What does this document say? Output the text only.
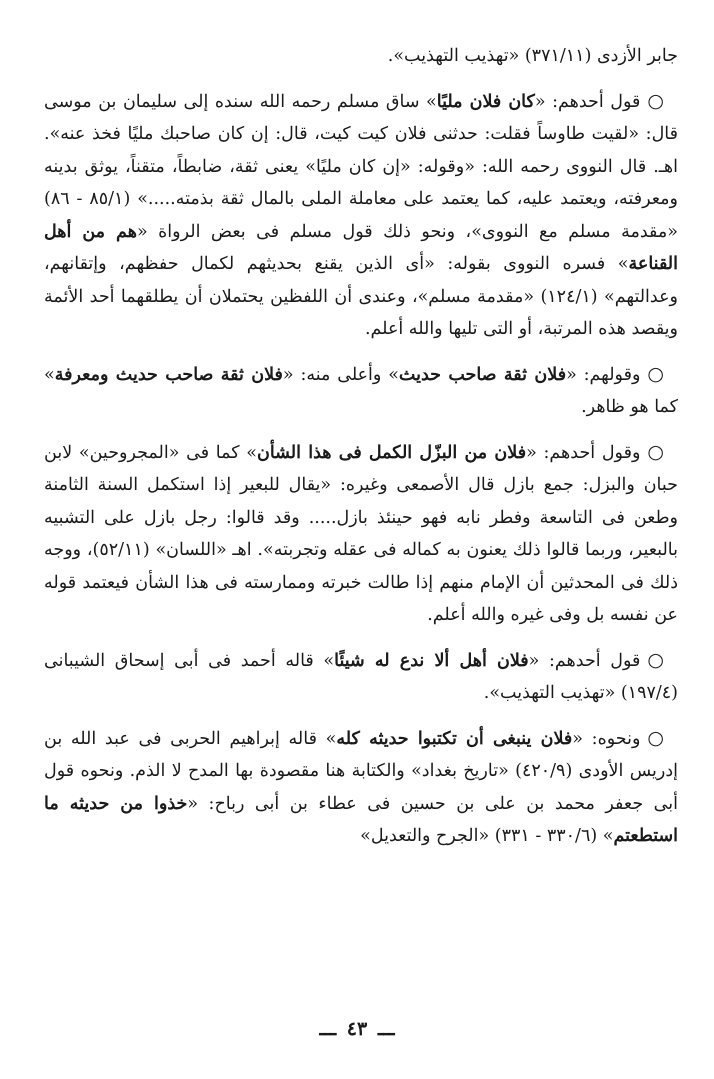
جابر الأزدى (٣٧١/١١) «تهذيب التهذيب».

○قول أحدهم: «كان فلان مليًا» ساق مسلم رحمه الله سنده إلى سليمان بن موسى قال: «لقيت طاوساً فقلت: حدثنى فلان كيت كيت، قال: إن كان صاحبك مليًا فخذ عنه». اهـ. قال النووى رحمه الله: «وقوله: «إن كان مليًا» يعنى ثقة، ضابطاً، متقناً، يوثق بدينه ومعرفته، ويعتمد عليه، كما يعتمد على معاملة الملى بالمال ثقة بذمته.....» (٨٥/١ - ٨٦) «مقدمة مسلم مع النووى»، ونحو ذلك قول مسلم فى بعض الرواة «هم من أهل القناعة» فسره النووى بقوله: «أى الذين يقنع بحديثهم لكمال حفظهم، وإتقانهم، وعدالتهم» (١٢٤/١) «مقدمة مسلم»، وعندى أن اللفظين يحتملان أن يطلقهما أحد الأئمة ويقصد هذه المرتبة، أو التى تليها والله أعلم.

○وقولهم: «فلان ثقة صاحب حديث» وأعلى منه: «فلان ثقة صاحب حديث ومعرفة» كما هو ظاهر.

○وقول أحدهم: «فلان من البزّل الكمل فى هذا الشأن» كما فى «المجروحين» لابن حبان والبزل: جمع بازل قال الأصمعى وغيره: «يقال للبعير إذا استكمل السنة الثامنة وطعن فى التاسعة وفطر نابه فهو حينئذ بازل..... وقد قالوا: رجل بازل على التشبيه بالبعير، وربما قالوا ذلك يعنون به كماله فى عقله وتجربته». اهـ «اللسان» (٥٢/١١)، ووجه ذلك فى المحدثين أن الإمام منهم إذا طالت خبرته وممارسته فى هذا الشأن فيعتمد قوله عن نفسه بل وفى غيره والله أعلم.

○قول أحدهم: «فلان أهل ألا ندع له شيئًا» قاله أحمد فى أبى إسحاق الشيبانى (١٩٧/٤) «تهذيب التهذيب».

○ونحوه: «فلان ينبغى أن تكتبوا حديثه كله» قاله إبراهيم الحربى فى عبد الله بن إدريس الأودى (٤٢٠/٩) «تاريخ بغداد» والكتابة هنا مقصودة بها المدح لا الذم. ونحوه قول أبى جعفر محمد بن على بن حسين فى عطاء بن أبى رباح: «خذوا من حديثه ما استطعتم» (٣٣٠/٦ - ٣٣١) «الجرح والتعديل»

ـــ ٤٣ ـــ
